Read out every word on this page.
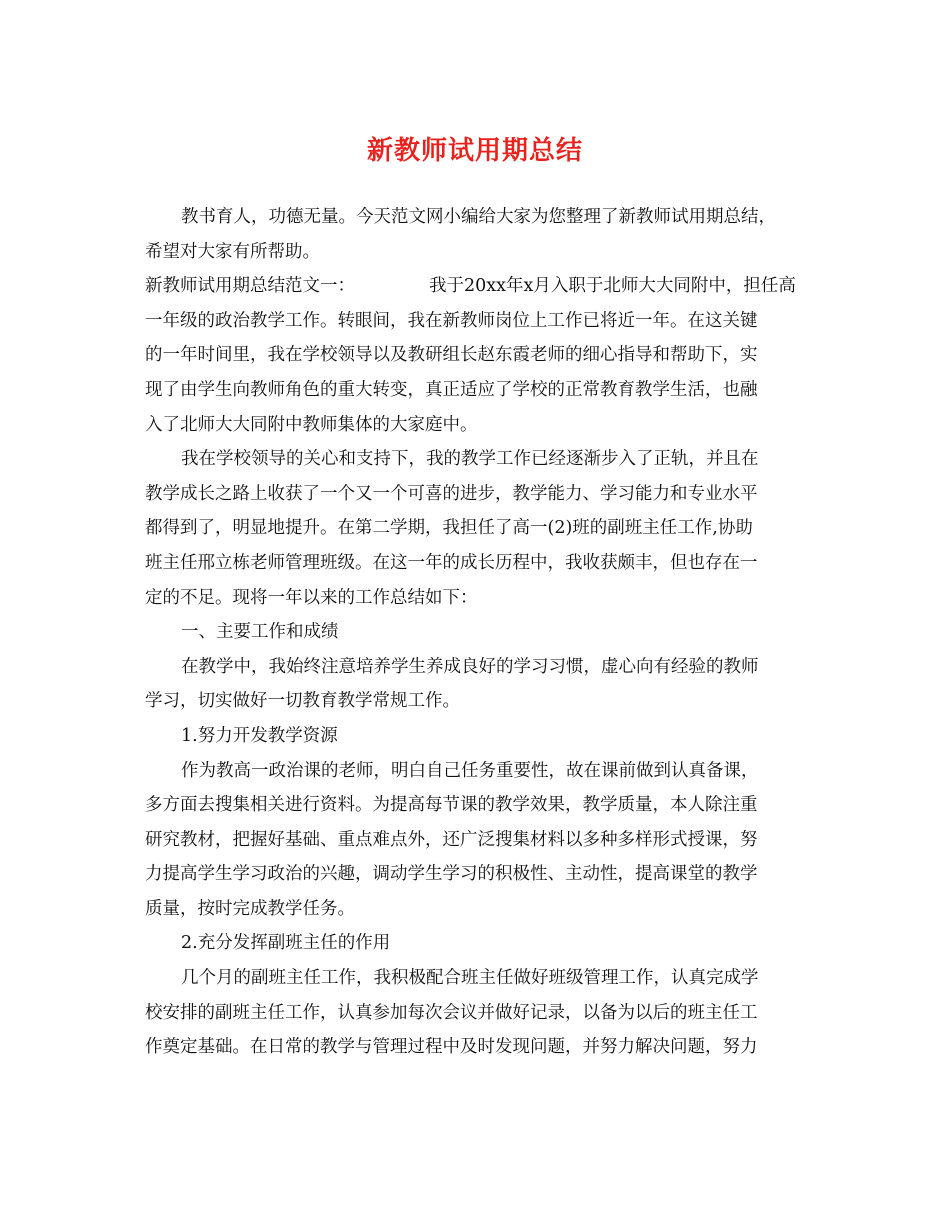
新教师试用期总结
教书育人，功德无量。今天范文网小编给大家为您整理了新教师试用期总结，
希望对大家有所帮助。
新教师试用期总结范文一：	我于20xx年x月入职于北师大大同附中，担任高
一年级的政治教学工作。转眼间，我在新教师岗位上工作已将近一年。在这关键
的一年时间里，我在学校领导以及教研组长赵东霞老师的细心指导和帮助下，实
现了由学生向教师角色的重大转变，真正适应了学校的正常教育教学生活，也融
入了北师大大同附中教师集体的大家庭中。
我在学校领导的关心和支持下，我的教学工作已经逐渐步入了正轨，并且在
教学成长之路上收获了一个又一个可喜的进步，教学能力、学习能力和专业水平
都得到了，明显地提升。在第二学期，我担任了高一(2)班的副班主任工作,协助
班主任邢立栋老师管理班级。在这一年的成长历程中，我收获颇丰，但也存在一
定的不足。现将一年以来的工作总结如下：
一、主要工作和成绩
在教学中，我始终注意培养学生养成良好的学习习惯，虚心向有经验的教师
学习，切实做好一切教育教学常规工作。
1.努力开发教学资源
作为教高一政治课的老师，明白自己任务重要性，故在课前做到认真备课，
多方面去搜集相关进行资料。为提高每节课的教学效果，教学质量，本人除注重
研究教材，把握好基础、重点难点外，还广泛搜集材料以多种多样形式授课，努
力提高学生学习政治的兴趣，调动学生学习的积极性、主动性，提高课堂的教学
质量，按时完成教学任务。
2.充分发挥副班主任的作用
几个月的副班主任工作，我积极配合班主任做好班级管理工作，认真完成学
校安排的副班主任工作，认真参加每次会议并做好记录，以备为以后的班主任工
作奠定基础。在日常的教学与管理过程中及时发现问题，并努力解决问题，努力
